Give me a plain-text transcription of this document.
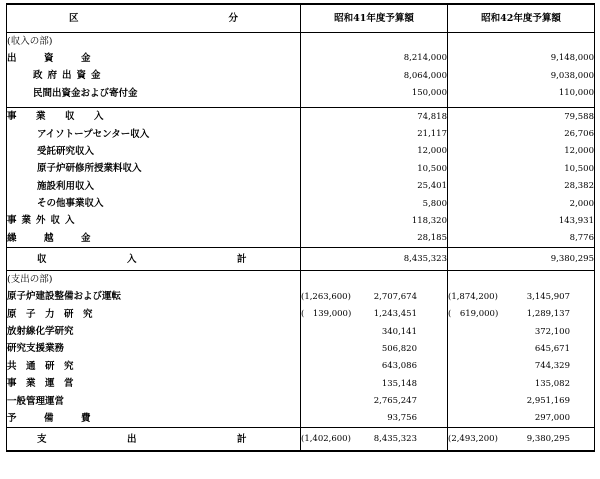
区 分	昭和41年度予算額	昭和42年度予算額
(収入の部)		
出　資　金	8,214,000	9,148,000
政府出資金	8,064,000	9,038,000
民間出資金および寄付金	150,000	110,000

事　業　収　入	74,818	79,588
アイソトープセンター収入	21,117	26,706
受託研究収入	12,000	12,000
原子炉研修所授業料収入	10,500	10,500
施設利用収入	25,401	28,382
その他事業収入	5,800	2,000
事業外収入	118,320	143,931
繰　越　金	28,185	8,776
収 入 計	8,435,323	9,380,295
(支出の部)		
原子炉建設整備および運転	(1,263,600) 2,707,674	(1,874,200) 3,145,907

原　子　力　研　究	(　139,000) 1,243,451	(　619,000) 1,289,137

放射線化学研究	340,141	372,100

研究支援業務	506,820	645,671

共　通　研　究	643,086	744,329

事　業　運　営	135,148	135,082

一般管理運営	2,765,247	2,951,169

予　備　費	93,756	297,000

支 出 計	(1,402,600) 8,435,323	(2,493,200) 9,380,295
